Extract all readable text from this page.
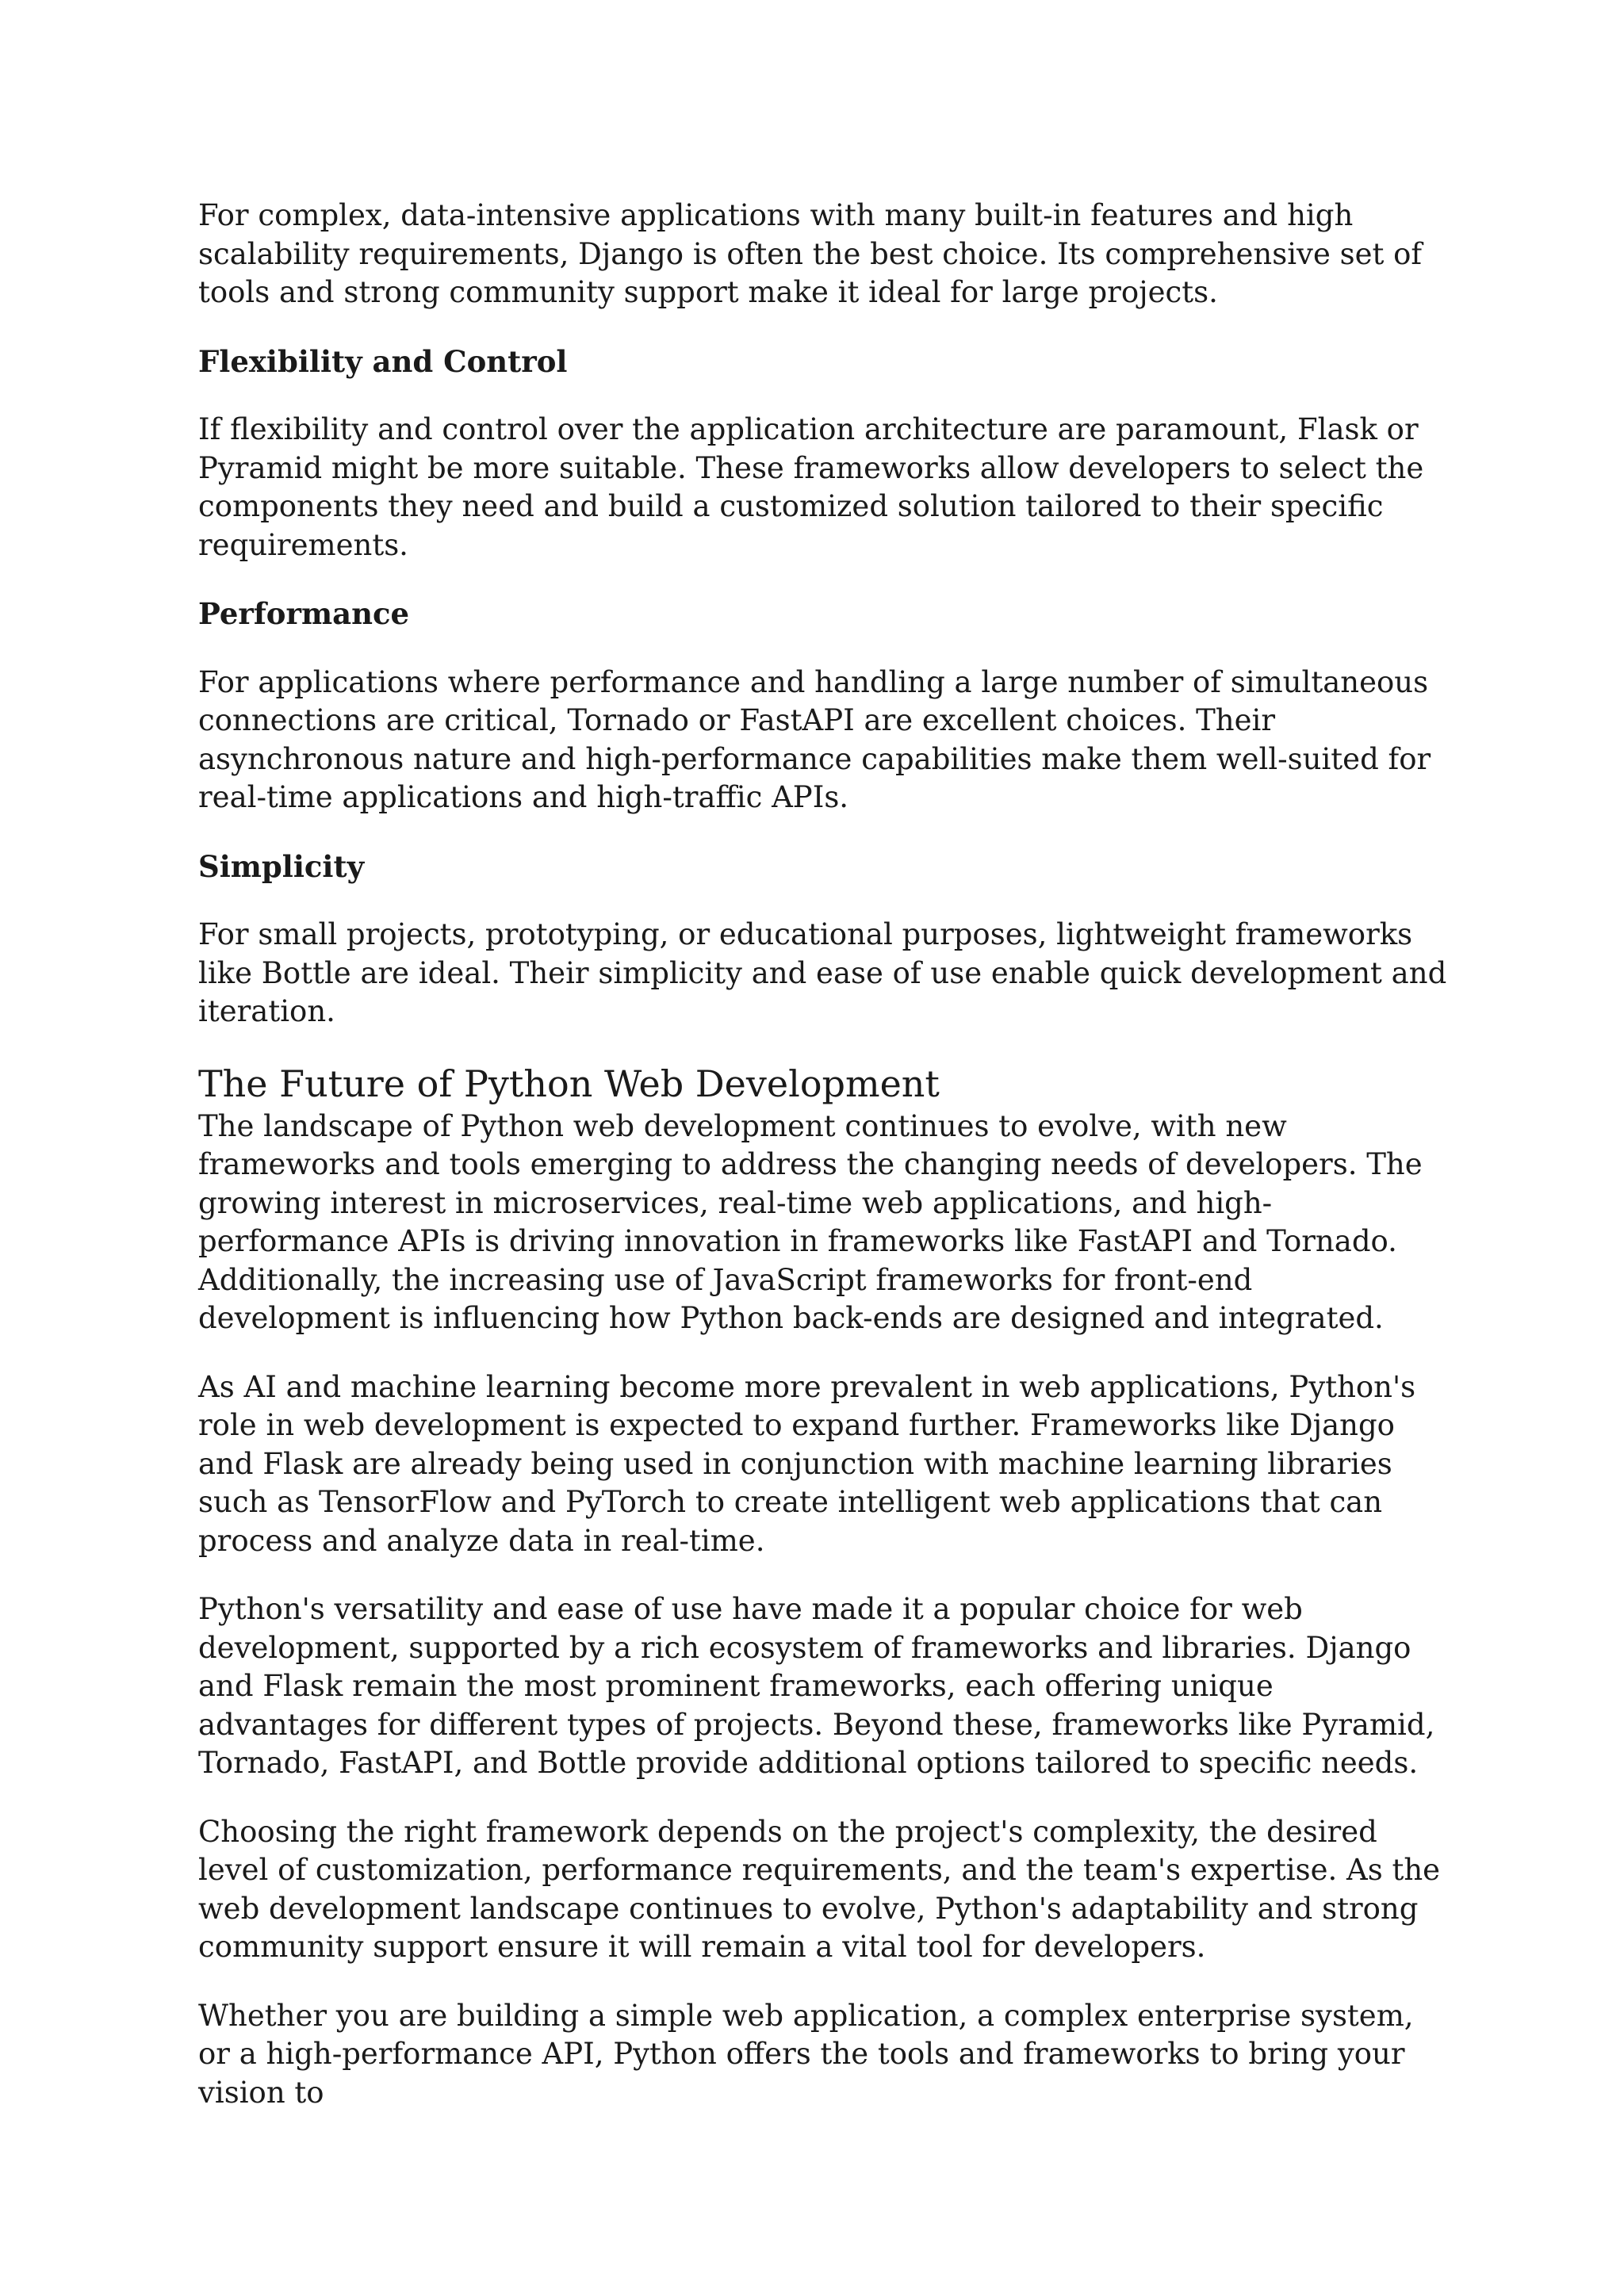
For complex, data-intensive applications with many built-in features and high scalability requirements, Django is often the best choice. Its comprehensive set of tools and strong community support make it ideal for large projects.

Flexibility and Control

If flexibility and control over the application architecture are paramount, Flask or Pyramid might be more suitable. These frameworks allow developers to select the components they need and build a customized solution tailored to their specific requirements.

Performance

For applications where performance and handling a large number of simultaneous connections are critical, Tornado or FastAPI are excellent choices. Their asynchronous nature and high-performance capabilities make them well-suited for real-time applications and high-traffic APIs.

Simplicity

For small projects, prototyping, or educational purposes, lightweight frameworks like Bottle are ideal. Their simplicity and ease of use enable quick development and iteration.

The Future of Python Web Development

The landscape of Python web development continues to evolve, with new frameworks and tools emerging to address the changing needs of developers. The growing interest in microservices, real-time web applications, and high-performance APIs is driving innovation in frameworks like FastAPI and Tornado. Additionally, the increasing use of JavaScript frameworks for front-end development is influencing how Python back-ends are designed and integrated.

As AI and machine learning become more prevalent in web applications, Python's role in web development is expected to expand further. Frameworks like Django and Flask are already being used in conjunction with machine learning libraries such as TensorFlow and PyTorch to create intelligent web applications that can process and analyze data in real-time.

Python's versatility and ease of use have made it a popular choice for web development, supported by a rich ecosystem of frameworks and libraries. Django and Flask remain the most prominent frameworks, each offering unique advantages for different types of projects. Beyond these, frameworks like Pyramid, Tornado, FastAPI, and Bottle provide additional options tailored to specific needs.

Choosing the right framework depends on the project's complexity, the desired level of customization, performance requirements, and the team's expertise. As the web development landscape continues to evolve, Python's adaptability and strong community support ensure it will remain a vital tool for developers.

Whether you are building a simple web application, a complex enterprise system, or a high-performance API, Python offers the tools and frameworks to bring your vision to
